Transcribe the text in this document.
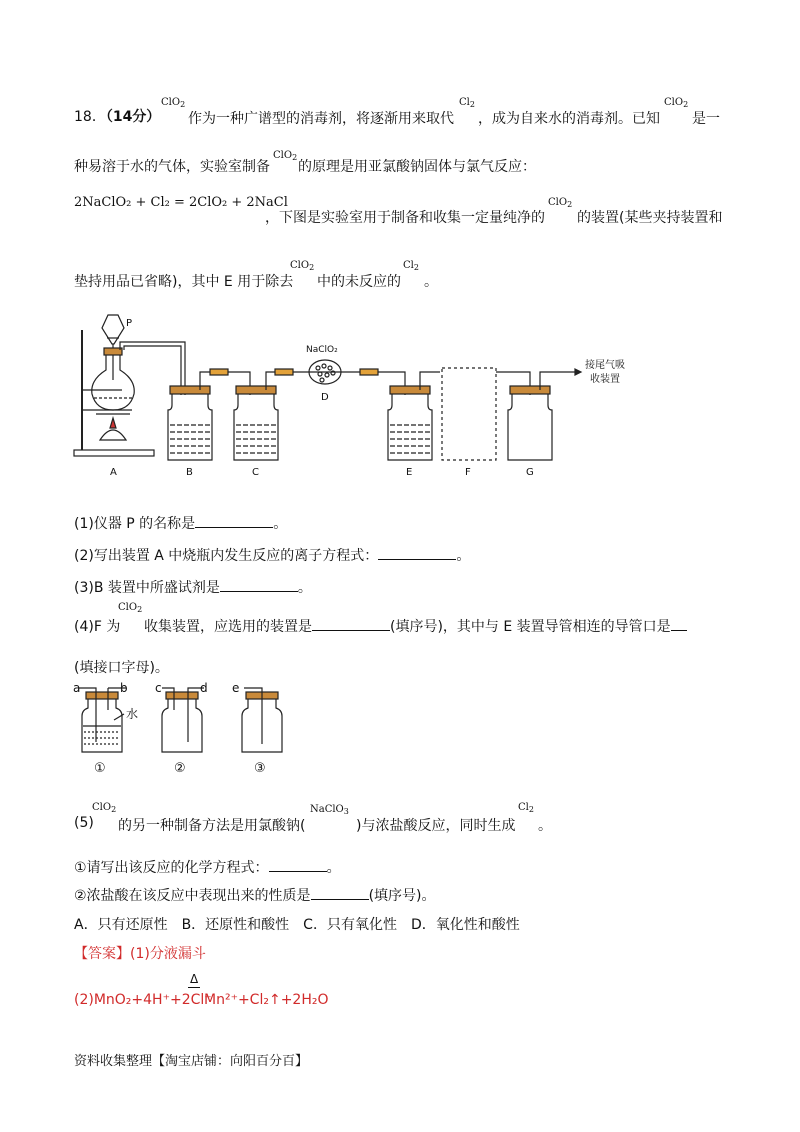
18．（14分）
ClO$_2$
作为一种广谱型的消毒剂，将逐渐用来取代
$Cl_2$
，成为自来水的消毒剂。已知
ClO$_2$
是一
种易溶于水的气体，实验室制备
ClO$_2$
的原理是用亚氯酸钠固体与氯气反应：
2NaClO₂ + Cl₂ = 2ClO₂ + 2NaCl
，下图是实验室用于制备和收集一定量纯净的
ClO$_2$
的装置(某些夹持装置和
垫持用品已省略)，其中 E 用于除去
ClO$_2$
中的未反应的
$Cl_2$
。
P
NaClO₂
接尾气吸
收装置
A	B	C
D
E	F	G
(1)仪器 P 的名称是	。
(2)写出装置 A 中烧瓶内发生反应的离子方程式：	。
(3)B 装置中所盛试剂是	。
(4)F 为
ClO$_2$
收集装置，应选用的装置是	(填序号)，其中与 E 装置导管相连的导管口是
(填接口字母)。
a	b c	d e
水
①	②	③
(5)
ClO$_2$
的另一种制备方法是用氯酸钠(
NaClO$_3$
)与浓盐酸反应，同时生成
$Cl_2$
。
①请写出该反应的化学方程式：	。
②浓盐酸在该反应中表现出来的性质是	(填序号)。
A．只有还原性　B．还原性和酸性　C．只有氧化性　D．氧化性和酸性
【答案】(1)分液漏斗
Δ
(2)MnO₂+4H⁺+2Cl⁻
Mn²⁺+Cl₂↑+2H₂O
资料收集整理【淘宝店铺：向阳百分百】
